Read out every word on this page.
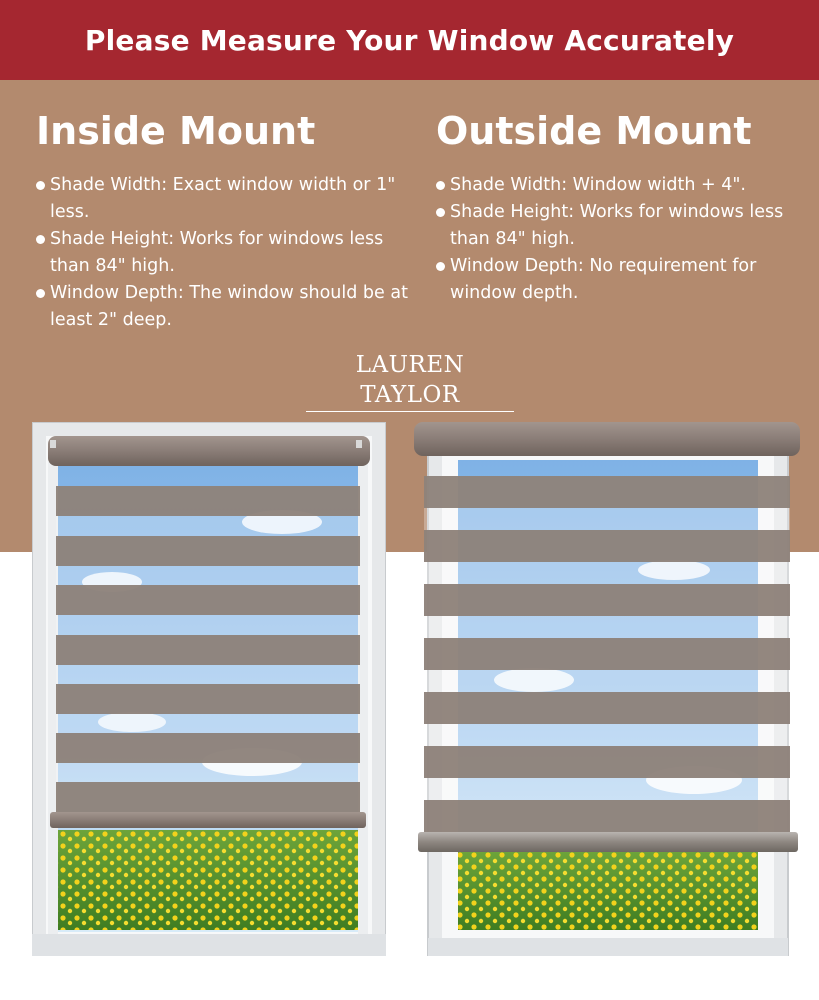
Please Measure Your Window Accurately
Inside Mount
Shade Width: Exact window width or 1" less.
Shade Height: Works for windows less than 84" high.
Window Depth: The window should be at least 2" deep.
Outside Mount
Shade Width: Window width + 4".
Shade Height: Works for windows less than 84" high.
Window Depth: No requirement for window depth.
LAUREN TAYLOR
